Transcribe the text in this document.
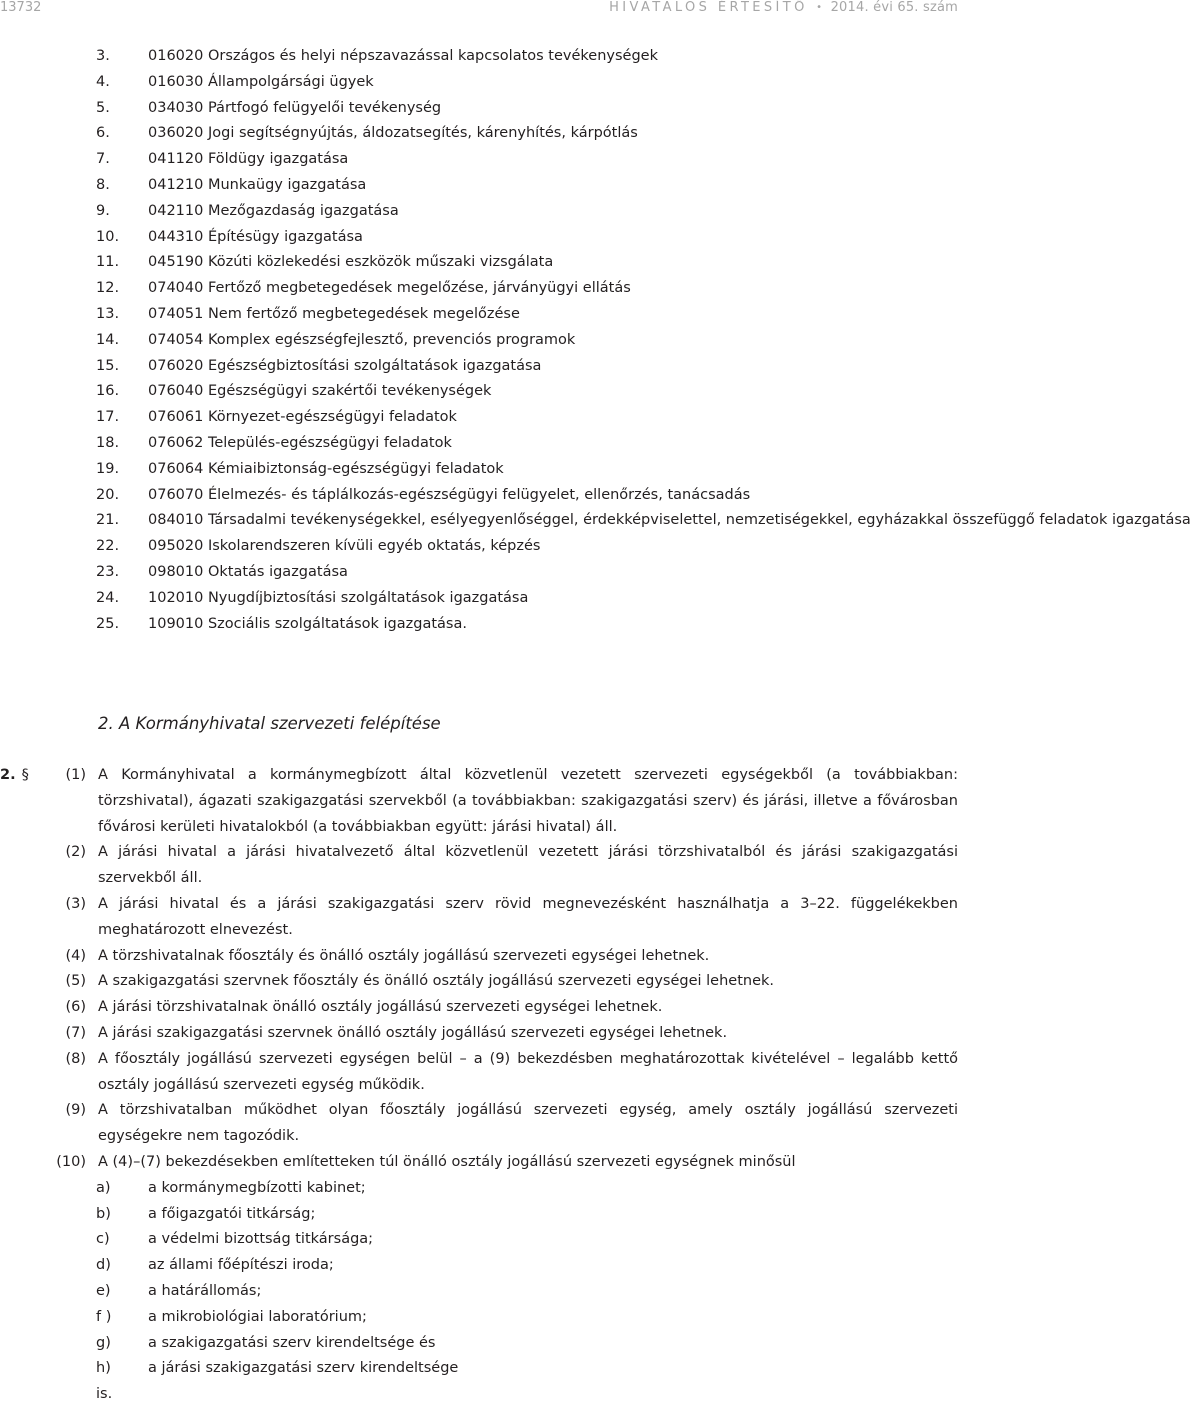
13732	HIVATALOS ÉRTESÍTŐ • 2014. évi 65. szám
3.	016020 Országos és helyi népszavazással kapcsolatos tevékenységek
4.	016030 Állampolgársági ügyek
5.	034030 Pártfogó felügyelői tevékenység
6.	036020 Jogi segítségnyújtás, áldozatsegítés, kárenyhítés, kárpótlás
7.	041120 Földügy igazgatása
8.	041210 Munkaügy igazgatása
9.	042110 Mezőgazdaság igazgatása
10. 044310 Építésügy igazgatása
11. 045190 Közúti közlekedési eszközök műszaki vizsgálata
12. 074040 Fertőző megbetegedések megelőzése, járványügyi ellátás
13. 074051 Nem fertőző megbetegedések megelőzése
14. 074054 Komplex egészségfejlesztő, prevenciós programok
15. 076020 Egészségbiztosítási szolgáltatások igazgatása
16. 076040 Egészségügyi szakértői tevékenységek
17. 076061 Környezet-egészségügyi feladatok
18. 076062 Település-egészségügyi feladatok
19. 076064 Kémiaibiztonság-egészségügyi feladatok
20. 076070 Élelmezés- és táplálkozás-egészségügyi felügyelet, ellenőrzés, tanácsadás
21. 084010 Társadalmi tevékenységekkel, esélyegyenlőséggel, érdekképviselettel, nemzetiségekkel, egyházakkal összefüggő feladatok igazgatása
22. 095020 Iskolarendszeren kívüli egyéb oktatás, képzés
23. 098010 Oktatás igazgatása
24. 102010 Nyugdíjbiztosítási szolgáltatások igazgatása
25. 109010 Szociális szolgáltatások igazgatása.
2. A Kormányhivatal szervezeti felépítése
2. §	(1) A Kormányhivatal a kormánymegbízott által közvetlenül vezetett szervezeti egységekből (a továbbiakban: törzshivatal), ágazati szakigazgatási szervekből (a továbbiakban: szakigazgatási szerv) és járási, illetve a fővárosban fővárosi kerületi hivatalokból (a továbbiakban együtt: járási hivatal) áll.
(2) A járási hivatal a járási hivatalvezető által közvetlenül vezetett járási törzshivatalból és járási szakigazgatási szervekből áll.
(3) A járási hivatal és a járási szakigazgatási szerv rövid megnevezésként használhatja a 3–22. függelékekben meghatározott elnevezést.
(4) A törzshivatalnak főosztály és önálló osztály jogállású szervezeti egységei lehetnek.
(5) A szakigazgatási szervnek főosztály és önálló osztály jogállású szervezeti egységei lehetnek.
(6) A járási törzshivatalnak önálló osztály jogállású szervezeti egységei lehetnek.
(7) A járási szakigazgatási szervnek önálló osztály jogállású szervezeti egységei lehetnek.
(8) A főosztály jogállású szervezeti egységen belül – a (9) bekezdésben meghatározottak kivételével – legalább kettő osztály jogállású szervezeti egység működik.
(9) A törzshivatalban működhet olyan főosztály jogállású szervezeti egység, amely osztály jogállású szervezeti egységekre nem tagozódik.
(10) A (4)–(7) bekezdésekben említetteken túl önálló osztály jogállású szervezeti egységnek minősül
a)	a kormánymegbízotti kabinet;
b)	a főigazgatói titkárság;
c)	a védelmi bizottság titkársága;
d)	az állami főépítészi iroda;
e)	a határállomás;
f )	a mikrobiológiai laboratórium;
g)	a szakigazgatási szerv kirendeltsége és
h)	a járási szakigazgatási szerv kirendeltsége
is.
